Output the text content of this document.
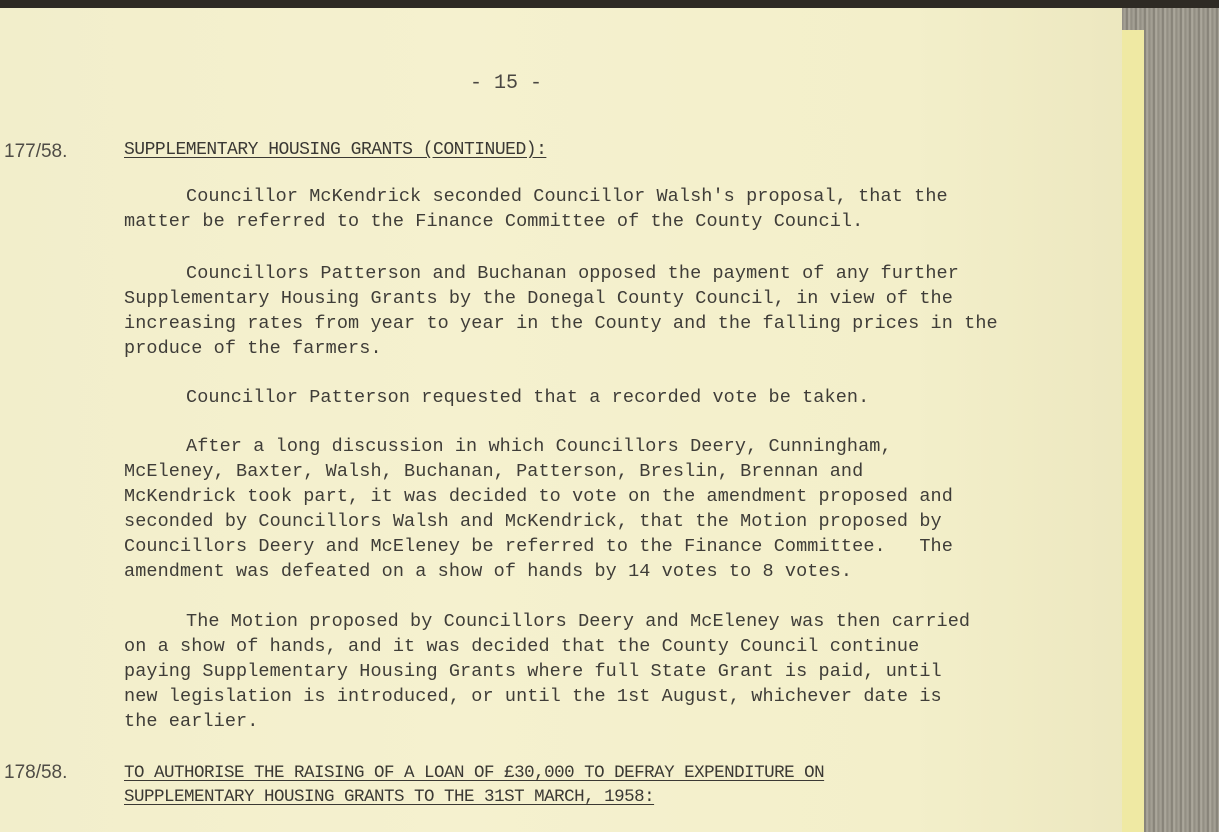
- 15 -
177/58.	SUPPLEMENTARY HOUSING GRANTS (CONTINUED):

Councillor McKendrick seconded Councillor Walsh's proposal, that the
matter be referred to the Finance Committee of the County Council.

Councillors Patterson and Buchanan opposed the payment of any further
Supplementary Housing Grants by the Donegal County Council, in view of the
increasing rates from year to year in the County and the falling prices in the
produce of the farmers.

Councillor Patterson requested that a recorded vote be taken.

After a long discussion in which Councillors Deery, Cunningham,
McEleney, Baxter, Walsh, Buchanan, Patterson, Breslin, Brennan and
McKendrick took part, it was decided to vote on the amendment proposed and
seconded by Councillors Walsh and McKendrick, that the Motion proposed by
Councillors Deery and McEleney be referred to the Finance Committee.   The
amendment was defeated on a show of hands by 14 votes to 8 votes.

The Motion proposed by Councillors Deery and McEleney was then carried
on a show of hands, and it was decided that the County Council continue
paying Supplementary Housing Grants where full State Grant is paid, until
new legislation is introduced, or until the 1st August, whichever date is
the earlier.

178/58.	TO AUTHORISE THE RAISING OF A LOAN OF £30,000 TO DEFRAY EXPENDITURE ON
SUPPLEMENTARY HOUSING GRANTS TO THE 31ST MARCH, 1958:
